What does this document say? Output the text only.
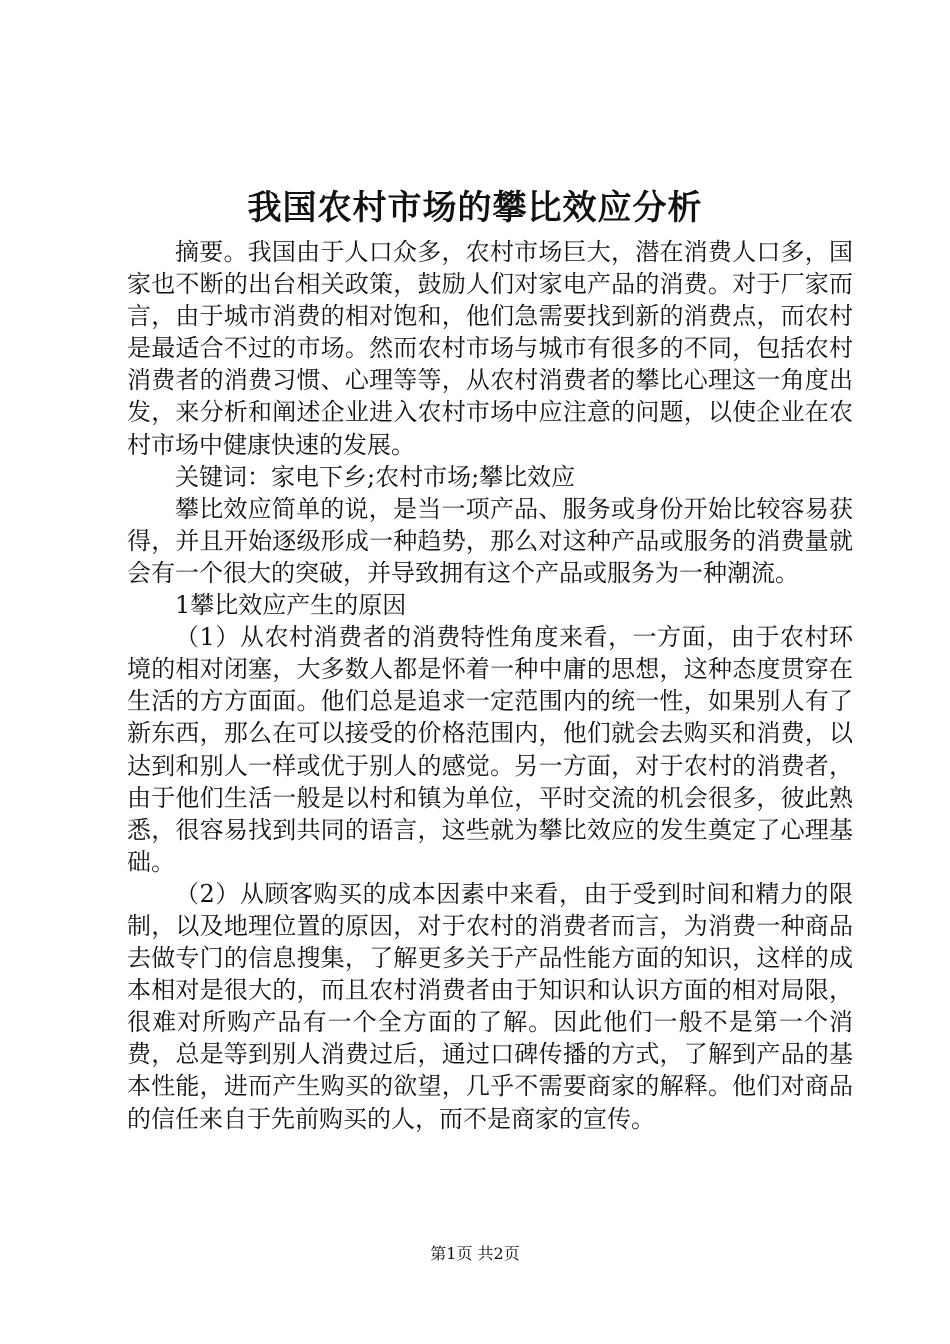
我国农村市场的攀比效应分析

摘要。我国由于人口众多，农村市场巨大，潜在消费人口多，国家也不断的出台相关政策，鼓励人们对家电产品的消费。对于厂家而言，由于城市消费的相对饱和，他们急需要找到新的消费点，而农村是最适合不过的市场。然而农村市场与城市有很多的不同，包括农村消费者的消费习惯、心理等等，从农村消费者的攀比心理这一角度出发，来分析和阐述企业进入农村市场中应注意的问题，以使企业在农村市场中健康快速的发展。

关键词：家电下乡;农村市场;攀比效应

攀比效应简单的说，是当一项产品、服务或身份开始比较容易获得，并且开始逐级形成一种趋势，那么对这种产品或服务的消费量就会有一个很大的突破，并导致拥有这个产品或服务为一种潮流。

1攀比效应产生的原因

（1）从农村消费者的消费特性角度来看，一方面，由于农村环境的相对闭塞，大多数人都是怀着一种中庸的思想，这种态度贯穿在生活的方方面面。他们总是追求一定范围内的统一性，如果别人有了新东西，那么在可以接受的价格范围内，他们就会去购买和消费，以达到和别人一样或优于别人的感觉。另一方面，对于农村的消费者，由于他们生活一般是以村和镇为单位，平时交流的机会很多，彼此熟悉，很容易找到共同的语言，这些就为攀比效应的发生奠定了心理基础。

（2）从顾客购买的成本因素中来看，由于受到时间和精力的限制，以及地理位置的原因，对于农村的消费者而言，为消费一种商品去做专门的信息搜集，了解更多关于产品性能方面的知识，这样的成本相对是很大的，而且农村消费者由于知识和认识方面的相对局限，很难对所购产品有一个全方面的了解。因此他们一般不是第一个消费，总是等到别人消费过后，通过口碑传播的方式，了解到产品的基本性能，进而产生购买的欲望，几乎不需要商家的解释。他们对商品的信任来自于先前购买的人，而不是商家的宣传。

第1页 共2页
